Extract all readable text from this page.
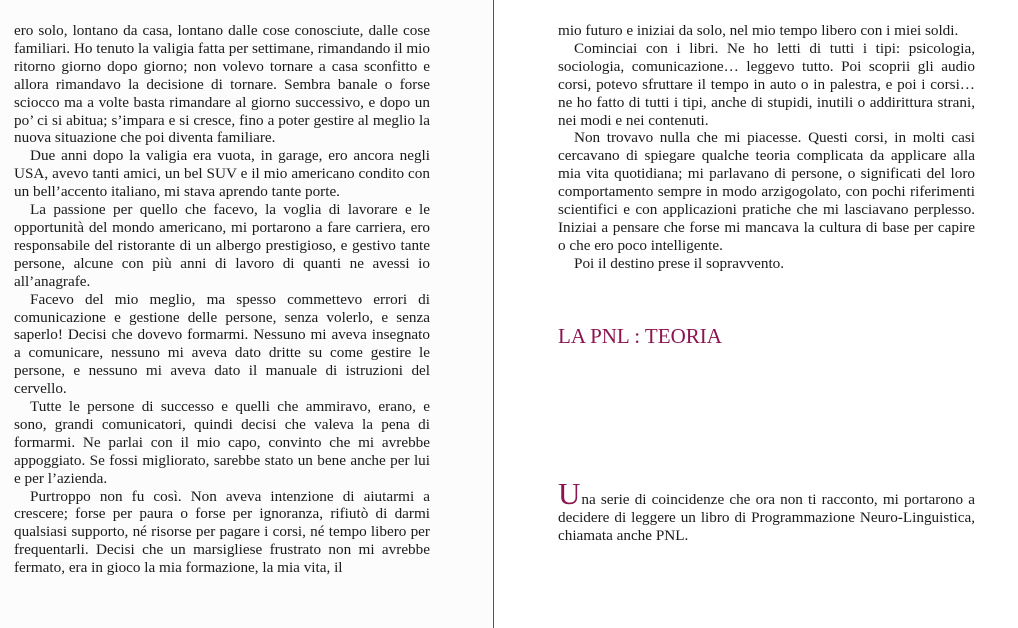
ero solo, lontano da casa, lontano dalle cose conosciute, dalle cose familiari. Ho tenuto la valigia fatta per settimane, rimandando il mio ritorno giorno dopo giorno; non volevo tornare a casa sconfitto e allora rimandavo la decisione di tornare. Sembra banale o forse sciocco ma a volte basta rimandare al giorno successivo, e dopo un po’ ci si abitua; s’impara e si cresce, fino a poter gestire al meglio la nuova situazione che poi diventa familiare.

Due anni dopo la valigia era vuota, in garage, ero ancora negli USA, avevo tanti amici, un bel SUV e il mio americano condito con un bell’accento italiano, mi stava aprendo tante porte.

La passione per quello che facevo, la voglia di lavorare e le opportunità del mondo americano, mi portarono a fare carriera, ero responsabile del ristorante di un albergo prestigioso, e gestivo tante persone, alcune con più anni di lavoro di quanti ne avessi io all’anagrafe.

Facevo del mio meglio, ma spesso commettevo errori di comunicazione e gestione delle persone, senza volerlo, e senza saperlo! Decisi che dovevo formarmi. Nessuno mi aveva insegnato a comunicare, nessuno mi aveva dato dritte su come gestire le persone, e nessuno mi aveva dato il manuale di istruzioni del cervello.

Tutte le persone di successo e quelli che ammiravo, erano, e sono, grandi comunicatori, quindi decisi che valeva la pena di formarmi. Ne parlai con il mio capo, convinto che mi avrebbe appoggiato. Se fossi migliorato, sarebbe stato un bene anche per lui e per l’azienda.

Purtroppo non fu così. Non aveva intenzione di aiutarmi a crescere; forse per paura o forse per ignoranza, rifiutò di darmi qualsiasi supporto, né risorse per pagare i corsi, né tempo libero per frequentarli. Decisi che un marsigliese frustrato non mi avrebbe fermato, era in gioco la mia formazione, la mia vita, il

mio futuro e iniziai da solo, nel mio tempo libero con i miei soldi.

Cominciai con i libri. Ne ho letti di tutti i tipi: psicologia, sociologia, comunicazione… leggevo tutto. Poi scoprii gli audio corsi, potevo sfruttare il tempo in auto o in palestra, e poi i corsi… ne ho fatto di tutti i tipi, anche di stupidi, inutili o addirittura strani, nei modi e nei contenuti.

Non trovavo nulla che mi piacesse. Questi corsi, in molti casi cercavano di spiegare qualche teoria complicata da applicare alla mia vita quotidiana; mi parlavano di persone, o significati del loro comportamento sempre in modo arzigogolato, con pochi riferimenti scientifici e con applicazioni pratiche che mi lasciavano perplesso. Iniziai a pensare che forse mi mancava la cultura di base per capire o che ero poco intelligente.

Poi il destino prese il sopravvento.

LA PNL : TEORIA
Una serie di coincidenze che ora non ti racconto, mi portarono a decidere di leggere un libro di Programmazione Neuro-Linguistica, chiamata anche PNL.
